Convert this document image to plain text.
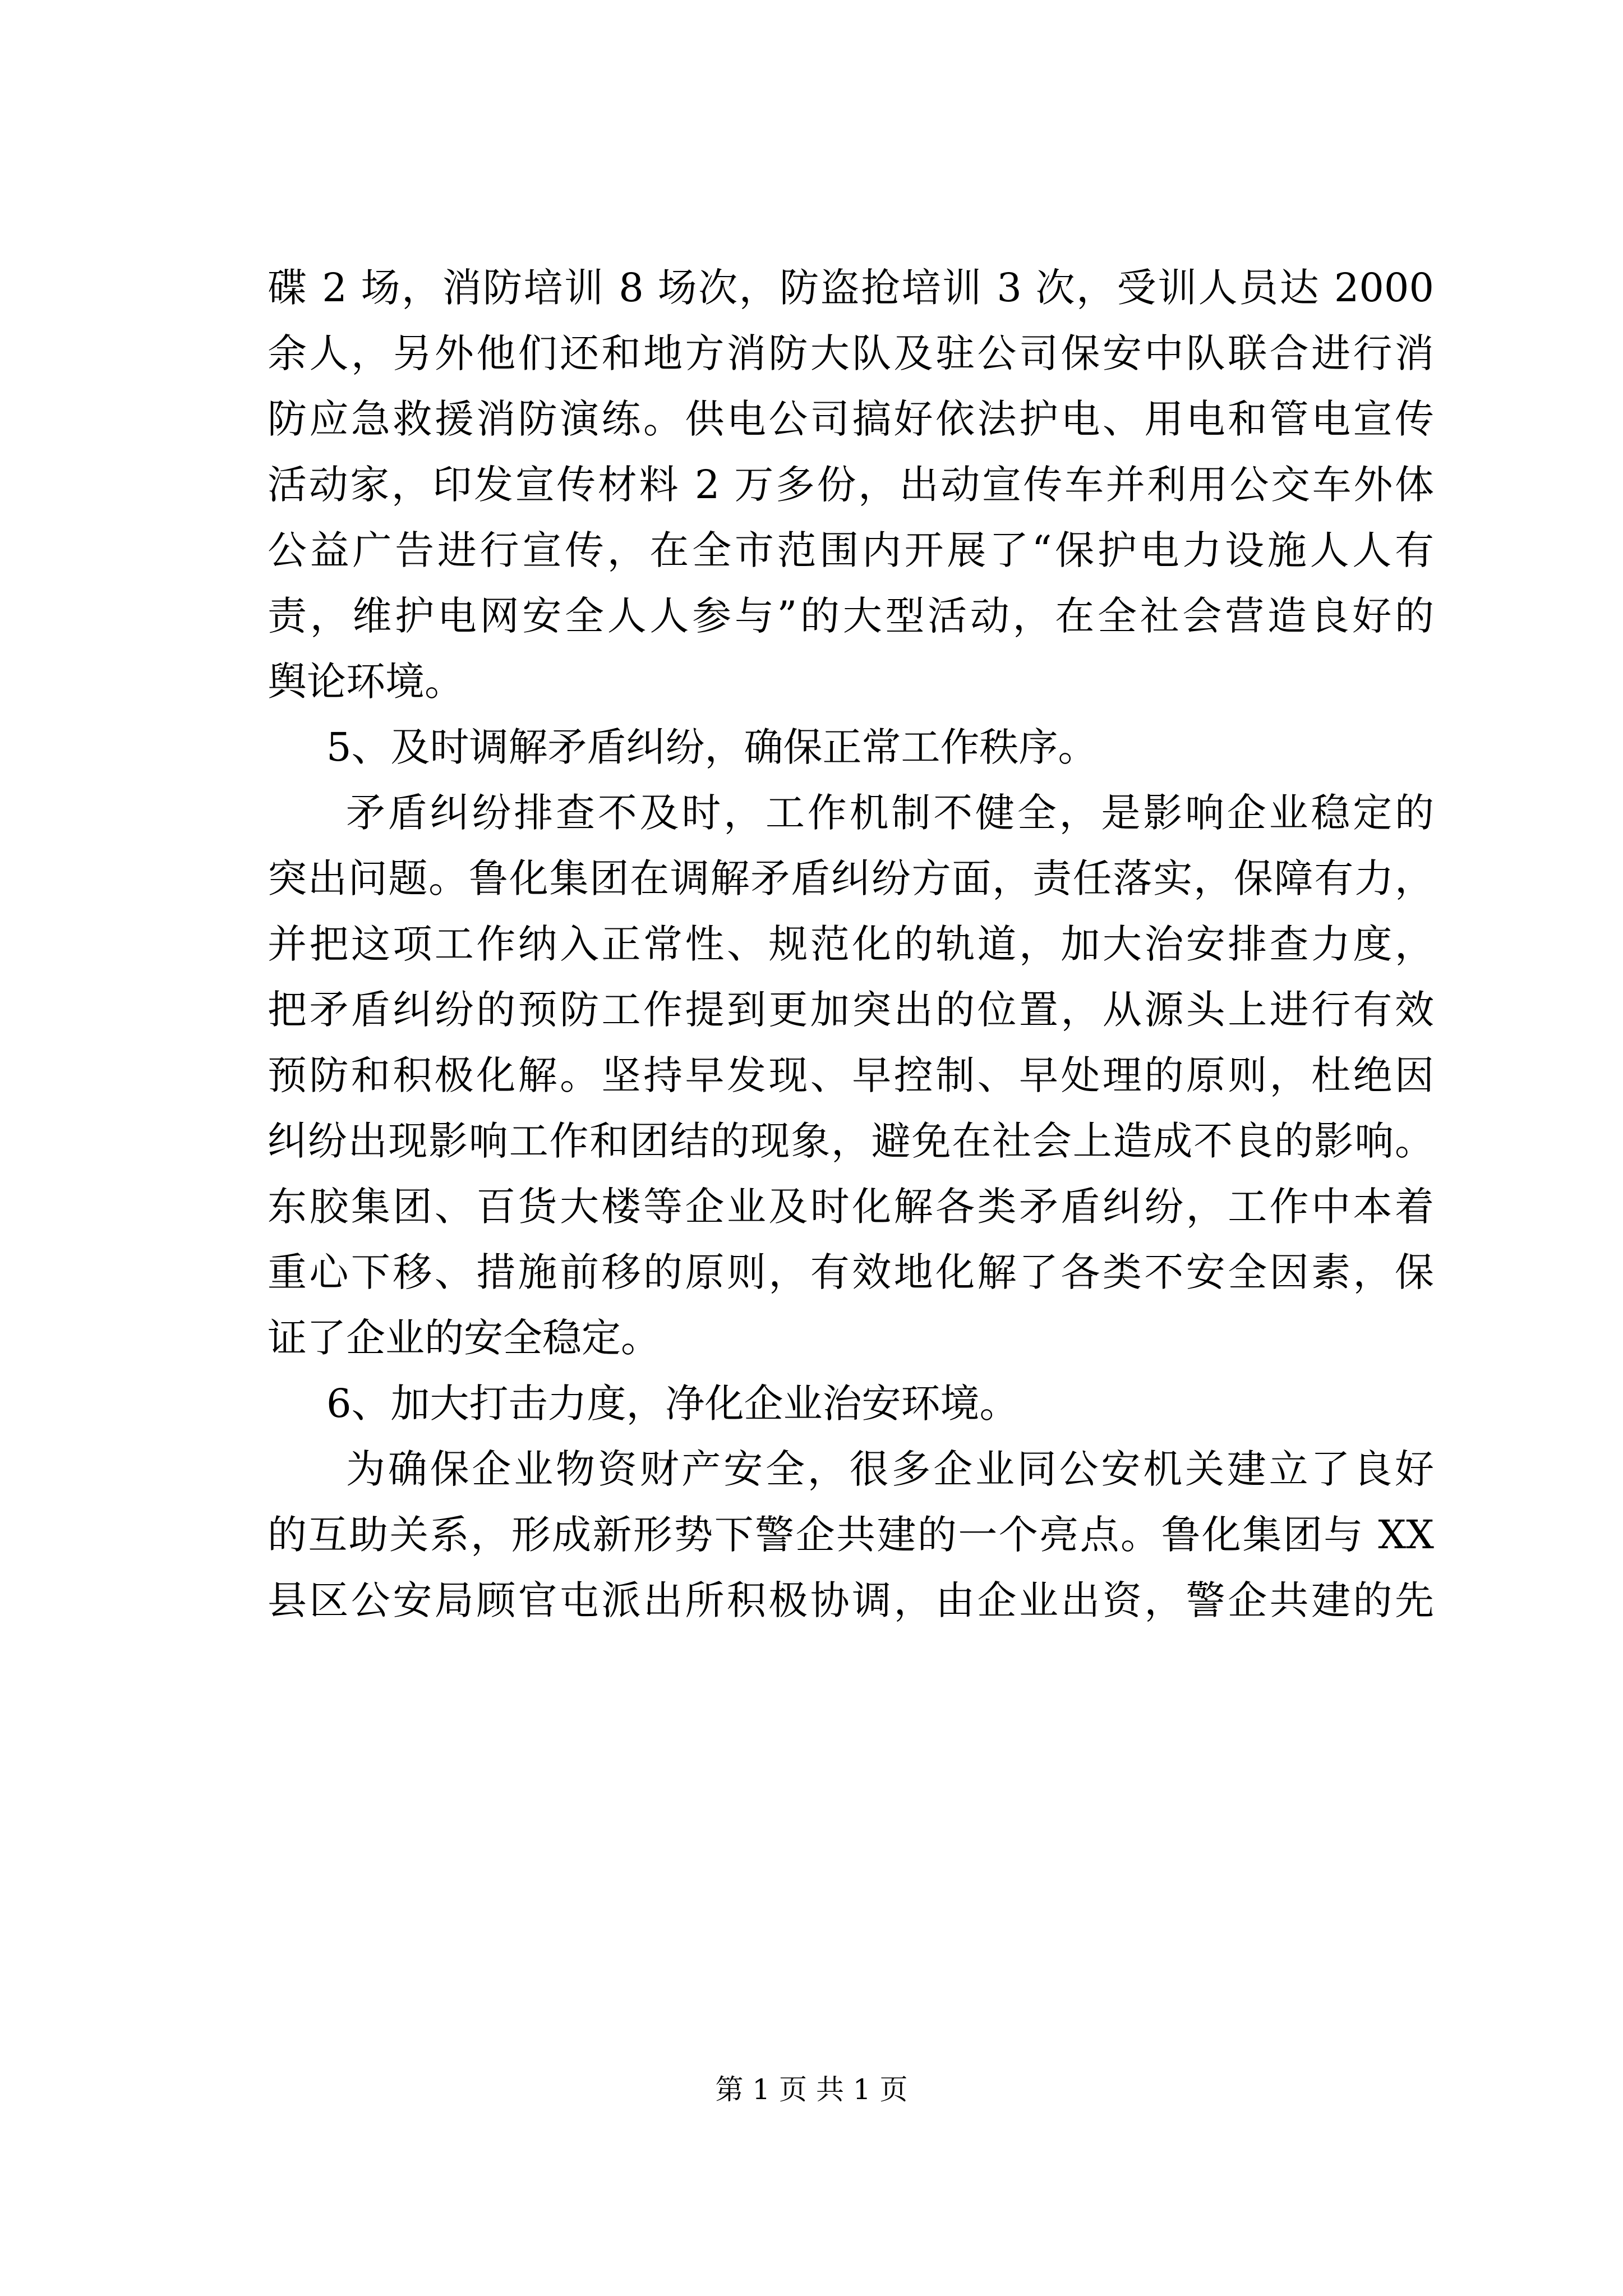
碟 2 场，消防培训 8 场次，防盗抢培训 3 次，受训人员达 2000
余人，另外他们还和地方消防大队及驻公司保安中队联合进行消
防应急救援消防演练。供电公司搞好依法护电、用电和管电宣传
活动家，印发宣传材料 2 万多份，出动宣传车并利用公交车外体
公益广告进行宣传，在全市范围内开展了“保护电力设施人人有
责，维护电网安全人人参与”的大型活动，在全社会营造良好的
舆论环境。
5、及时调解矛盾纠纷，确保正常工作秩序。
矛盾纠纷排查不及时，工作机制不健全，是影响企业稳定的
突出问题。鲁化集团在调解矛盾纠纷方面，责任落实，保障有力，
并把这项工作纳入正常性、规范化的轨道，加大治安排查力度，
把矛盾纠纷的预防工作提到更加突出的位置，从源头上进行有效
预防和积极化解。坚持早发现、早控制、早处理的原则，杜绝因
纠纷出现影响工作和团结的现象，避免在社会上造成不良的影响。
东胶集团、百货大楼等企业及时化解各类矛盾纠纷，工作中本着
重心下移、措施前移的原则，有效地化解了各类不安全因素，保
证了企业的安全稳定。
6、加大打击力度，净化企业治安环境。
为确保企业物资财产安全，很多企业同公安机关建立了良好
的互助关系，形成新形势下警企共建的一个亮点。鲁化集团与 XX
县区公安局顾官屯派出所积极协调，由企业出资，警企共建的先
第 1 页 共 1 页
